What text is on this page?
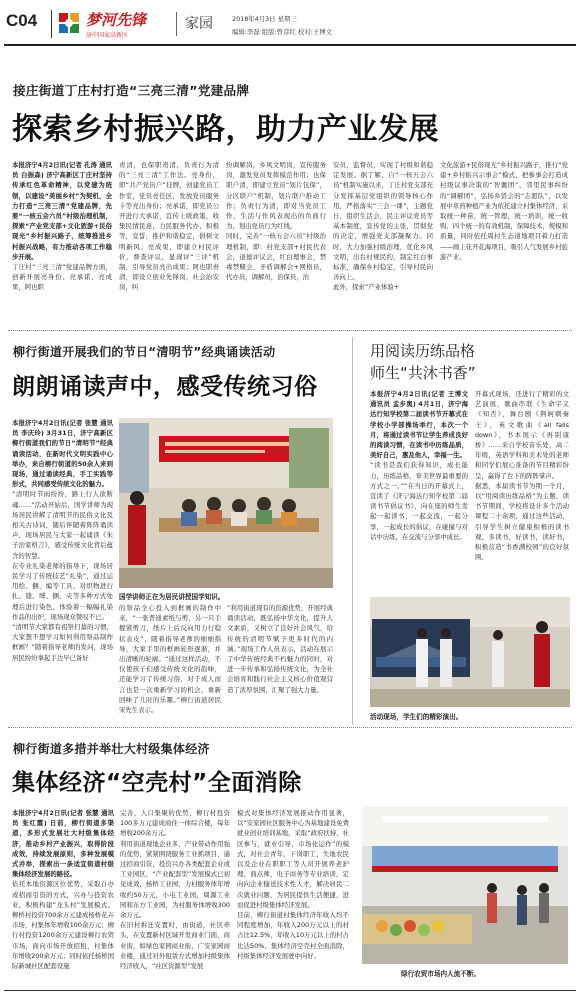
C04	梦河先锋
济中国家高新区
家园	2018年4月3日 星期三
编辑:李磊 组版:曾彦红 校对:王博文
接庄街道丁庄村打造“三亮三清”党建品牌
探索乡村振兴路，助力产业发展
本报济宁4月2日讯(记者 孔涛 通讯员 白振森) 济宁高新区丁庄村坚持传承红色革命精神，以党建为统领，以建设“美丽乡村”为契机，全力打造“三亮三清”党建品牌，先要“一核五会六员”村级治理机制，探索“产业党支部+文化旅游+民俗现光”乡村振兴路子，统筹推进乡村振兴战略，有力推动各项工作稳步开展。
丁庄村“三亮三清”党建品牌方面，创新开展亮身份、亮承诺、亮成果，阿也职
责清，也保职责清，负责行为清的“三亮三清”工作法。亮身份，即“共产党员户”挂牌，创建党员工作室，党员亮任区，发放党员服务卡等亮出身份；亮承诺，即党员公开进行大承诺，宣传上级政策，收集民情民意，力民服务代办，积极等，宣誓，推护和谐稳定，倡树文明新风；亮成果，即建立村民评价，督查评议，显现评“三评”机制，引导党员亮出成果；阿也职责清，即设立创业先锋岗，社会治安岗，纠
纷调解岗，乡风文明岗，宣传服务岗，激发党员发挥模范作用；也保职户清，即建立党员“划片包保”，分区联户”机制，划片联户推动工作；负责行为清，即对当党员工作，生活与作风表现出的负面行为，划出党员行为红线。
同时，完善“一核五会六员”村级治理机制，即：村党支部+村民代表会，道德评议会，红白理事会，禁毒禁赌会，矛盾调解会+网格员，代办员，调解员，治保员，治
安员，监督员，实现了村级和谐稳定发展。据了解，自“一核五会六员”机制实施以来，丁庄村党支部充分发挥基层党组织的领导核心作用，严格落实“三会一课”，主题党日，组织生活会，民主评议党员等基本制度，宣传党的主张，贯彻党的决定，增强党支部凝聚力。同时，大力加强村级治理，优化乡风文明，出台村规民约，制定红白事标准，确保乡村稳定，引导村民向善向上。
此外，探索“产业体验+
文化旅游+民俗现光”乡村振兴路子，推行“党建+乡村振兴示事会”模式，把参事会打造成村级议事决策的“智囊团”，邻里民事纠纷的“调解团”，弘扬乡贤会的“志愿队”，以发展中草药种植产业为依托建立村集体经济，采取统一种苗，统一管理，统一培训，统一收购，四个统一的有效机制，保障技术，规模和质量，同时依托周村生态道地项目着力打造——闹上花开花海项目，吸引人气发展乡村旅游产业。
柳行街道开展我们的节日“清明节”经典诵读活动
朗朗诵读声中，感受传统习俗
本报济宁4月2日讯(记者 张慧 通讯员 李庆玲) 3月31日，济宁高新区柳行街道我们的节日“清明节”经典诵读活动，在新时代文明实践中心举办，来自柳行街道的50余人来到现场，通过诵读经典，手工实践等形式，共同感受传统文化的魅力。
“清明时节雨纷纷，路上行人欲断魂……”活动开始后，国学讲师为现场居民讲解了清明节的民俗文化及相关古诗词，随后伴随着阵阵诵读声，现场居民与大家一起诵读《朱子治家格言》，感受传统文化背后蕴含的智慧。
在专业礼染老师的指导下，现场居民学习了传统技艺“礼染”，通过运用绘、捆、编等工具，对织物进行扎、缝、缚、捆、夹等多种方式处理后进行染色，体验着一幅幅礼染作品的出炉，现场现众赞叹不已。
“清明节大家都有祖祭扫墓的习惯，大家想不想学习如何利用祭品制作框画？”随着指导老师的发问，现场居民纷纷拿起手边早已备好
国学讲师正在为居民讲授国学知识。
的祭品全心投入到框画的制作中来，“一张普通素纸与剪，另一只手握紧剪刀，纸片上后反向用力行稳状表皮”，随着指导老师的细细指导，大家手里的框画轮形逐渐，并出清晰的轮廓。“通过这样活动，不仅使孩子们感受传统文化的韵味，还能学习了传统习俗，对于成人而言也是一次重新学习的机会，重新回味了儿时的乐趣。”柳行街道居民宋先生表示。
“利用街道现有的资源优势，开展经典诵读活动，既弘扬中华文化，提升人文素质，又树立了良好社会风气，给传统的清明节赋予更多时代的内涵。”现场工作人员表示，活动在展示了中华传统经典不朽魅力的同时，对进一步传承和弘扬传统文化，为全社会培育和践行社会主义核心价值观营造了浓厚氛围，汇聚了强大力量。
用阅读历练品格
师生“共沐书香”
本报济宁4月2日讯(记者 王博文 通讯员 孟步奥) 4月1日，济宁海达行知学校第二届读书节开幕式在学校小学部操场举行，本次一个月，将通过读书节让学生养成良好的阅读习惯，在读书中历练品质，美好自己，惠及他人，幸福一生。
“读书是我们获得知识，成长能力，历练品格，审美世界最重要的方式之一。”“在当日的开幕式上，宣读了《济宁海达行知学校第二届读书节倡议书》，向在座的师生发起一起读书，一起交流，一起分享，一起成长的倡议，在碰撞与对话中历练，在交流与分享中成长。
开幕式现场，还进行了精彩的文艺演展，歌曲串联《生命字义《知否》，舞台剧《荆轲刺秦王》，英文歌曲《all falls down》，书本展示《再别康桥》……来自学校音乐处，高二年级，英语学科和美术处的老师和同学们展心准备的节目精彩纷呈，赢得了台下的阵阵掌声。
据悉，本届读书节为期一个月，以“用阅读历练品格”为主题，读书节期间，学校将设计多个活动课程二十余项，通过这些活动，引导学生树立健康积极的读书观，多读书，好读书，读好书，积极营造“书香满校园”的良好氛围。
活动现场，学生们的精彩演出。
柳行街道多措并举壮大村级集体经济
集体经济“空壳村”全面消除
本报济宁4月2日讯(记者 张慧 通讯员 张红霞) 日前，柳行街道多渠道，多形式发展壮大村级集体经济，推动乡村产业振兴，取得阶段成效，持续发展原则，多种发展模式并举，探索出一条适宜街道村级集体经济发展的路径。
依托本地资源区位优势，采取自办或招商引资的方式，兴办与投资农业，积极构建“龙头村”发展模式。柳桥村投资700余万元建成杨桥花卉市场，村集体年增收100余万元；柳行村投资1200余万元建设柳行农贸市场，面向市场开放招租，村集体年增收200余万元；同时依托杨桥国际新城社区配套设施
完善，人口集聚的优势，柳行村投资100多万元建成商住一体综合楼，每年增收200余万元。
利用街道现地企业多，产业带动作用强的优势，紧紧围绕服务工业抓项目，通过招商引资，投资兴办各类配套企业或工业园区，“产业配套型”发展模式已初见成效，杨桥工业园，力村服务体年增收约50万元，小屯工业园，周源工业园和东方工业园，为村服务体增收300余万元。
在旧村拆迁安置时，由街道，社区牵头，在安置新村区域开发商业门面，商业街，如绿色家园商业街，广安家园商业楼，通过对外租赁方式增加村级集体经济收入，“社区资源型”发展
模式对集体经济发展推动作用显著，以“安家园社区服务中心为基地建设免费就业创业培训基地，采取“政府扶持，社区参与，就业引导，市场化运作”的模式，对社会青年，下岗职工，失地农民以及企业在职职工等人员开展养老护理，面点师，电子商务等专业培训，定向向企业输送技术性人才，解决居民二次就业问题，为居民提供生活便捷，进而促进村级集体经济发展。
目前，柳行街道村集体经济年收入均不同程度增加，年收入200万元以上的村占比12.5%，年收入10万元以上的村占比达50%，集体经济空壳村全面消除，村级集体经济发展驶中向好。
绿行农贸市场内人流不断。
